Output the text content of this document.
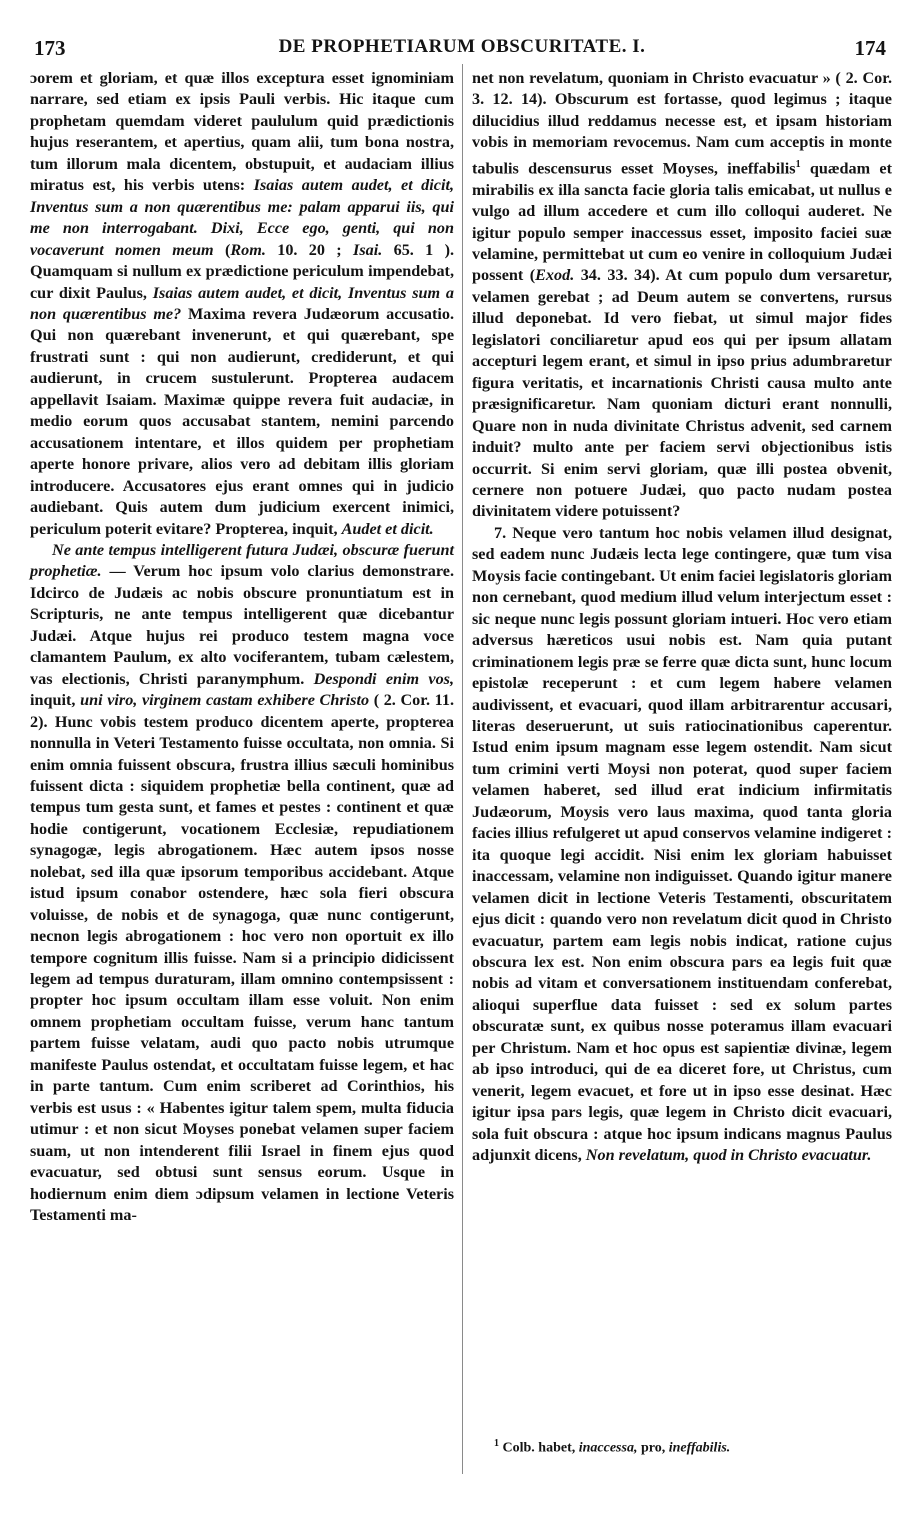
173	DE PROPHETIARUM OBSCURITATE. I.	174

ɔorem et gloriam, et quæ illos exceptura esset ignominiam narrare, sed etiam ex ipsis Pauli verbis. Hic itaque cum prophetam quemdam videret paululum quid prædictionis hujus reserantem, et apertius, quam alii, tum bona nostra, tum illorum mala dicentem, obstupuit, et audaciam illius miratus est, his verbis utens: Isaias autem audet, et dicit, Inventus sum a non quærentibus me: palam apparui iis, qui me non interrogabant. Dixi, Ecce ego, genti, qui non vocaverunt nomen meum (Rom. 10. 20 ; Isai. 65. 1 ). Quamquam si nullum ex prædictione periculum impendebat, cur dixit Paulus, Isaias autem audet, et dicit, Inventus sum a non quærentibus me? Maxima revera Judæorum accusatio. Qui non quærebant invenerunt, et qui quærebant, spe frustrati sunt : qui non audierunt, crediderunt, et qui audierunt, in crucem sustulerunt. Propterea audacem appellavit Isaiam. Maximæ quippe revera fuit audaciæ, in medio eorum quos accusabat stantem, nemini parcendo accusationem intentare, et illos quidem per prophetiam aperte honore privare, alios vero ad debitam illis gloriam introducere. Accusatores ejus erant omnes qui in judicio audiebant. Quis autem dum judicium exercent inimici, periculum poterit evitare? Propterea, inquit, Audet et dicit.

Ne ante tempus intelligerent futura Judæi, obscuræ fuerunt prophetiæ. — Verum hoc ipsum volo clarius demonstrare. Idcirco de Judæis ac nobis obscure pronuntiatum est in Scripturis, ne ante tempus intelligerent quæ dicebantur Judæi. Atque hujus rei produco testem magna voce clamantem Paulum, ex alto vociferantem, tubam cælestem, vas electionis, Christi paranymphum. Despondi enim vos, inquit, uni viro, virginem castam exhibere Christo ( 2. Cor. 11. 2). Hunc vobis testem produco dicentem aperte, propterea nonnulla in Veteri Testamento fuisse occultata, non omnia. Si enim omnia fuissent obscura, frustra illius sæculi hominibus fuissent dicta : siquidem prophetiæ bella continent, quæ ad tempus tum gesta sunt, et fames et pestes : continent et quæ hodie contigerunt, vocationem Ecclesiæ, repudiationem synagogæ, legis abrogationem. Hæc autem ipsos nosse nolebat, sed illa quæ ipsorum temporibus accidebant. Atque istud ipsum conabor ostendere, hæc sola fieri obscura voluisse, de nobis et de synagoga, quæ nunc contigerunt, necnon legis abrogationem : hoc vero non oportuit ex illo tempore cognitum illis fuisse. Nam si a principio didicissent legem ad tempus duraturam, illam omnino contempsissent : propter hoc ipsum occultam illam esse voluit. Non enim omnem prophetiam occultam fuisse, verum hanc tantum partem fuisse velatam, audi quo pacto nobis utrumque manifeste Paulus ostendat, et occultatam fuisse legem, et hac in parte tantum. Cum enim scriberet ad Corinthios, his verbis est usus : « Habentes igitur talem spem, multa fiducia utimur : et non sicut Moyses ponebat velamen super faciem suam, ut non intenderent filii Israel in finem ejus quod evacuatur, sed obtusi sunt sensus eorum. Usque in hodiernum enim diem ɔdipsum velamen in lectione Veteris Testamenti ma-

net non revelatum, quoniam in Christo evacuatur » ( 2. Cor. 3. 12. 14). Obscurum est fortasse, quod legimus ; itaque dilucidius illud reddamus necesse est, et ipsam historiam vobis in memoriam revocemus. Nam cum acceptis in monte tabulis descensurus esset Moyses, ineffabilis$^1$ quædam et mirabilis ex illa sancta facie gloria talis emicabat, ut nullus e vulgo ad illum accedere et cum illo colloqui auderet. Ne igitur populo semper inaccessus esset, imposito faciei suæ velamine, permittebat ut cum eo venire in colloquium Judæi possent (Exod. 34. 33. 34). At cum populo dum versaretur, velamen gerebat ; ad Deum autem se convertens, rursus illud deponebat. Id vero fiebat, ut simul major fides legislatori conciliaretur apud eos qui per ipsum allatam accepturi legem erant, et simul in ipso prius adumbraretur figura veritatis, et incarnationis Christi causa multo ante præsignificaretur. Nam quoniam dicturi erant nonnulli, Quare non in nuda divinitate Christus advenit, sed carnem induit? multo ante per faciem servi objectionibus istis occurrit. Si enim servi gloriam, quæ illi postea obvenit, cernere non potuere Judæi, quo pacto nudam postea divinitatem videre potuissent?

7. Neque vero tantum hoc nobis velamen illud designat, sed eadem nunc Judæis lecta lege contingere, quæ tum visa Moysis facie contingebant. Ut enim faciei legislatoris gloriam non cernebant, quod medium illud velum interjectum esset : sic neque nunc legis possunt gloriam intueri. Hoc vero etiam adversus hæreticos usui nobis est. Nam quia putant criminationem legis præ se ferre quæ dicta sunt, hunc locum epistolæ receperunt : et cum legem habere velamen audivissent, et evacuari, quod illam arbitrarentur accusari, literas deseruerunt, ut suis ratiocinationibus caperentur. Istud enim ipsum magnam esse legem ostendit. Nam sicut tum crimini verti Moysi non poterat, quod super faciem velamen haberet, sed illud erat indicium infirmitatis Judæorum, Moysis vero laus maxima, quod tanta gloria facies illius refulgeret ut apud conservos velamine indigeret : ita quoque legi accidit. Nisi enim lex gloriam habuisset inaccessam, velamine non indiguisset. Quando igitur manere velamen dicit in lectione Veteris Testamenti, obscuritatem ejus dicit : quando vero non revelatum dicit quod in Christo evacuatur, partem eam legis nobis indicat, ratione cujus obscura lex est. Non enim obscura pars ea legis fuit quæ nobis ad vitam et conversationem instituendam conferebat, alioqui superflue data fuisset : sed ex solum partes obscuratæ sunt, ex quibus nosse poteramus illam evacuari per Christum. Nam et hoc opus est sapientiæ divinæ, legem ab ipso introduci, qui de ea diceret fore, ut Christus, cum venerit, legem evacuet, et fore ut in ipso esse desinat. Hæc igitur ipsa pars legis, quæ legem in Christo dicit evacuari, sola fuit obscura : atque hoc ipsum indicans magnus Paulus adjunxit dicens, Non revelatum, quod in Christo evacuatur.

$^1$ Colb. habet, inaccessa, pro, ineffabilis.
